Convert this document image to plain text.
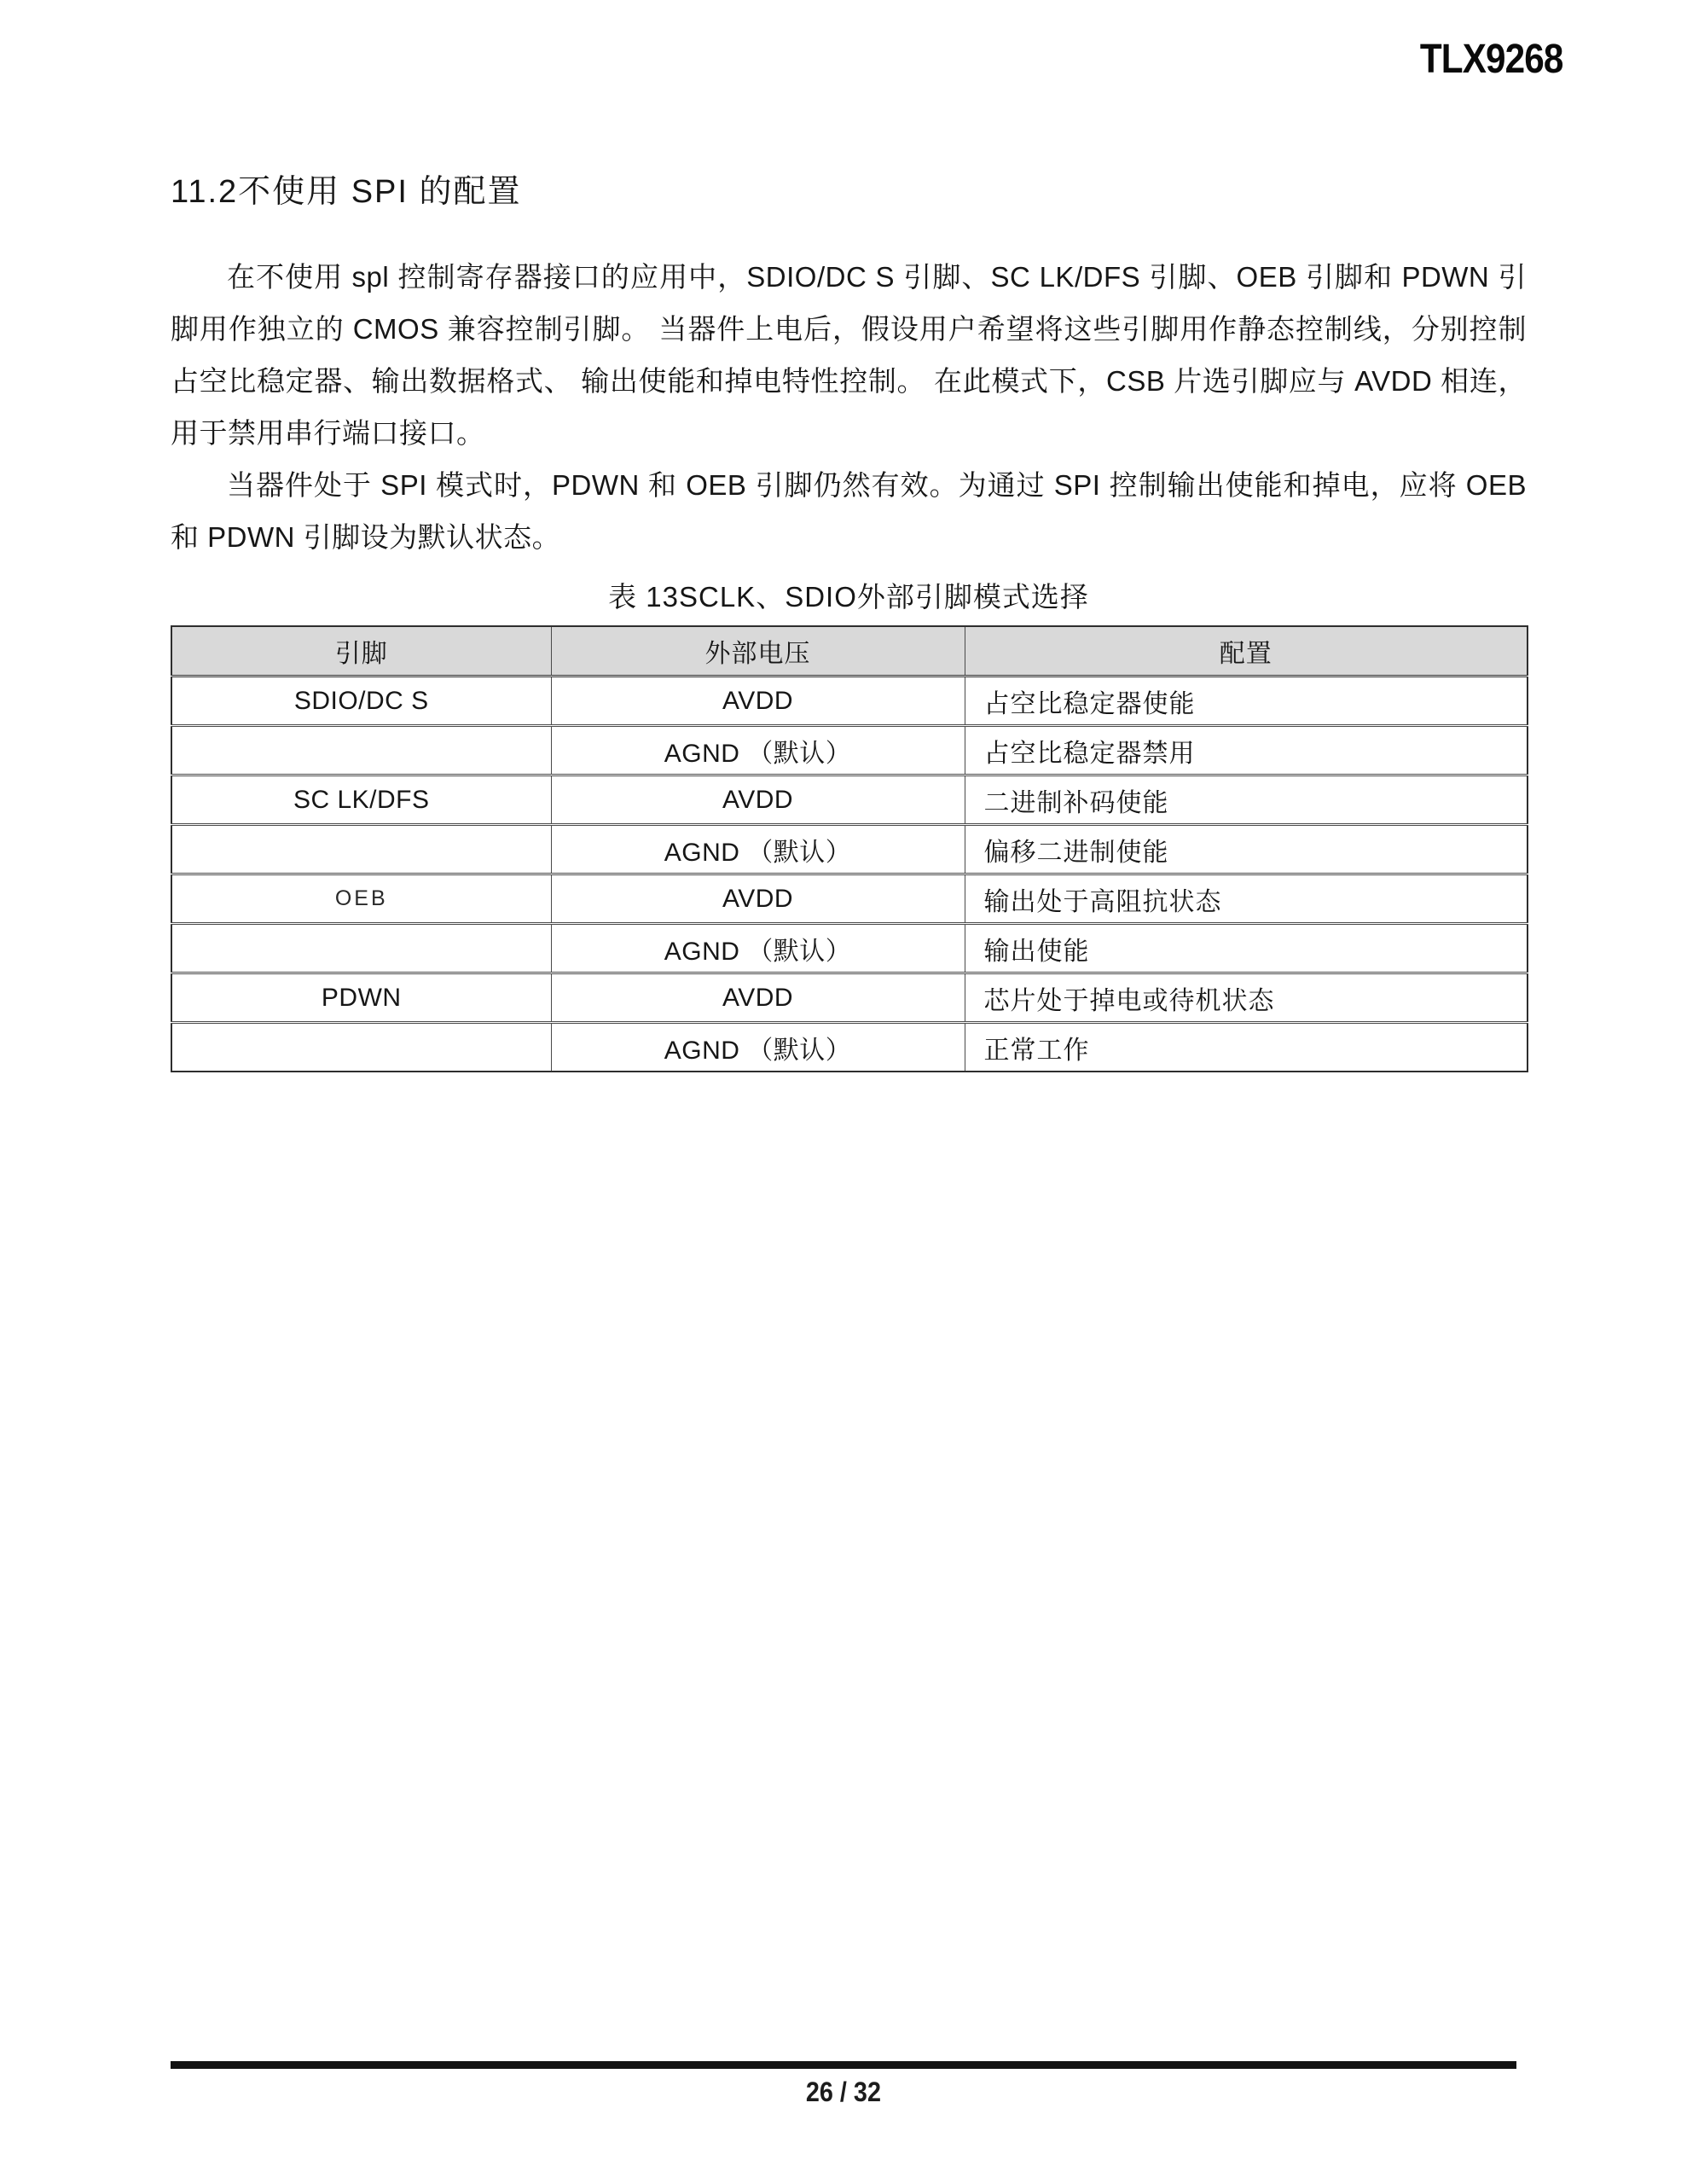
TLX9268
11.2不使用 SPI 的配置

在不使用 spl 控制寄存器接口的应用中，SDIO/DC S 引脚、SC LK/DFS 引脚、OEB 引脚和 PDWN 引脚用作独立的 CMOS 兼容控制引脚。 当器件上电后，假设用户希望将这些引脚用作静态控制线，分别控制占空比稳定器、输出数据格式、 输出使能和掉电特性控制。 在此模式下，CSB 片选引脚应与 AVDD 相连，用于禁用串行端口接口。

当器件处于 SPI 模式时，PDWN 和 OEB 引脚仍然有效。为通过 SPI 控制输出使能和掉电，应将 OEB 和 PDWN 引脚设为默认状态。

表 13SCLK、SDIO外部引脚模式选择
引脚	外部电压	配置
SDIO/DC S	AVDD	占空比稳定器使能
	AGND （默认）	占空比稳定器禁用
SC LK/DFS	AVDD	二进制补码使能
	AGND （默认）	偏移二进制使能
OEB	AVDD	输出处于高阻抗状态
	AGND （默认）	输出使能
PDWN	AVDD	芯片处于掉电或待机状态
	AGND （默认）	正常工作
26 / 32
